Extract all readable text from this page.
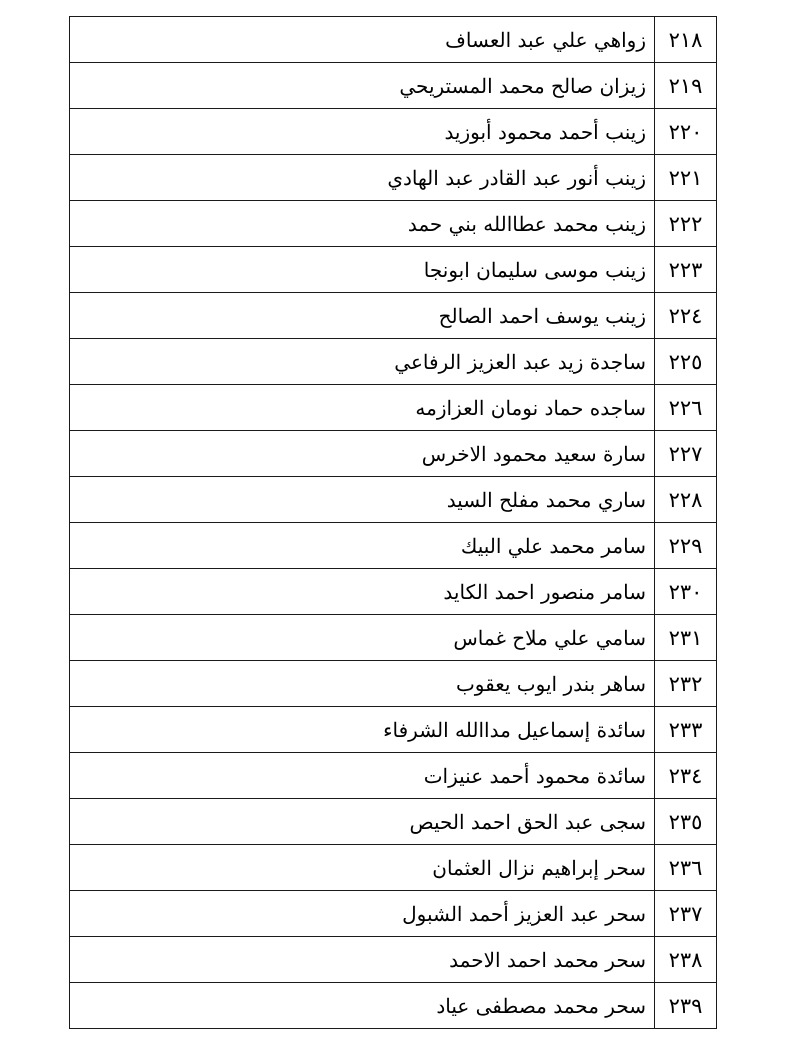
٢١٨	زواهي علي عبد العساف
٢١٩	زيزان صالح محمد المستريحي
٢٢٠	زينب أحمد محمود أبوزيد
٢٢١	زينب أنور عبد القادر عبد الهادي
٢٢٢	زينب محمد عطاالله بني حمد
٢٢٣	زينب موسى سليمان ابونجا
٢٢٤	زينب يوسف احمد الصالح
٢٢٥	ساجدة زيد عبد العزيز الرفاعي
٢٢٦	ساجده حماد نومان العزازمه
٢٢٧	سارة سعيد محمود الاخرس
٢٢٨	ساري محمد مفلح السيد
٢٢٩	سامر محمد علي البيك
٢٣٠	سامر منصور احمد الكايد
٢٣١	سامي علي ملاح غماس
٢٣٢	ساهر بندر ايوب يعقوب
٢٣٣	سائدة إسماعيل مداالله الشرفاء
٢٣٤	سائدة محمود أحمد عنيزات
٢٣٥	سجى عبد الحق احمد الحيص
٢٣٦	سحر إبراهيم نزال العثمان
٢٣٧	سحر عبد العزيز أحمد الشبول
٢٣٨	سحر محمد احمد الاحمد
٢٣٩	سحر محمد مصطفى عياد
